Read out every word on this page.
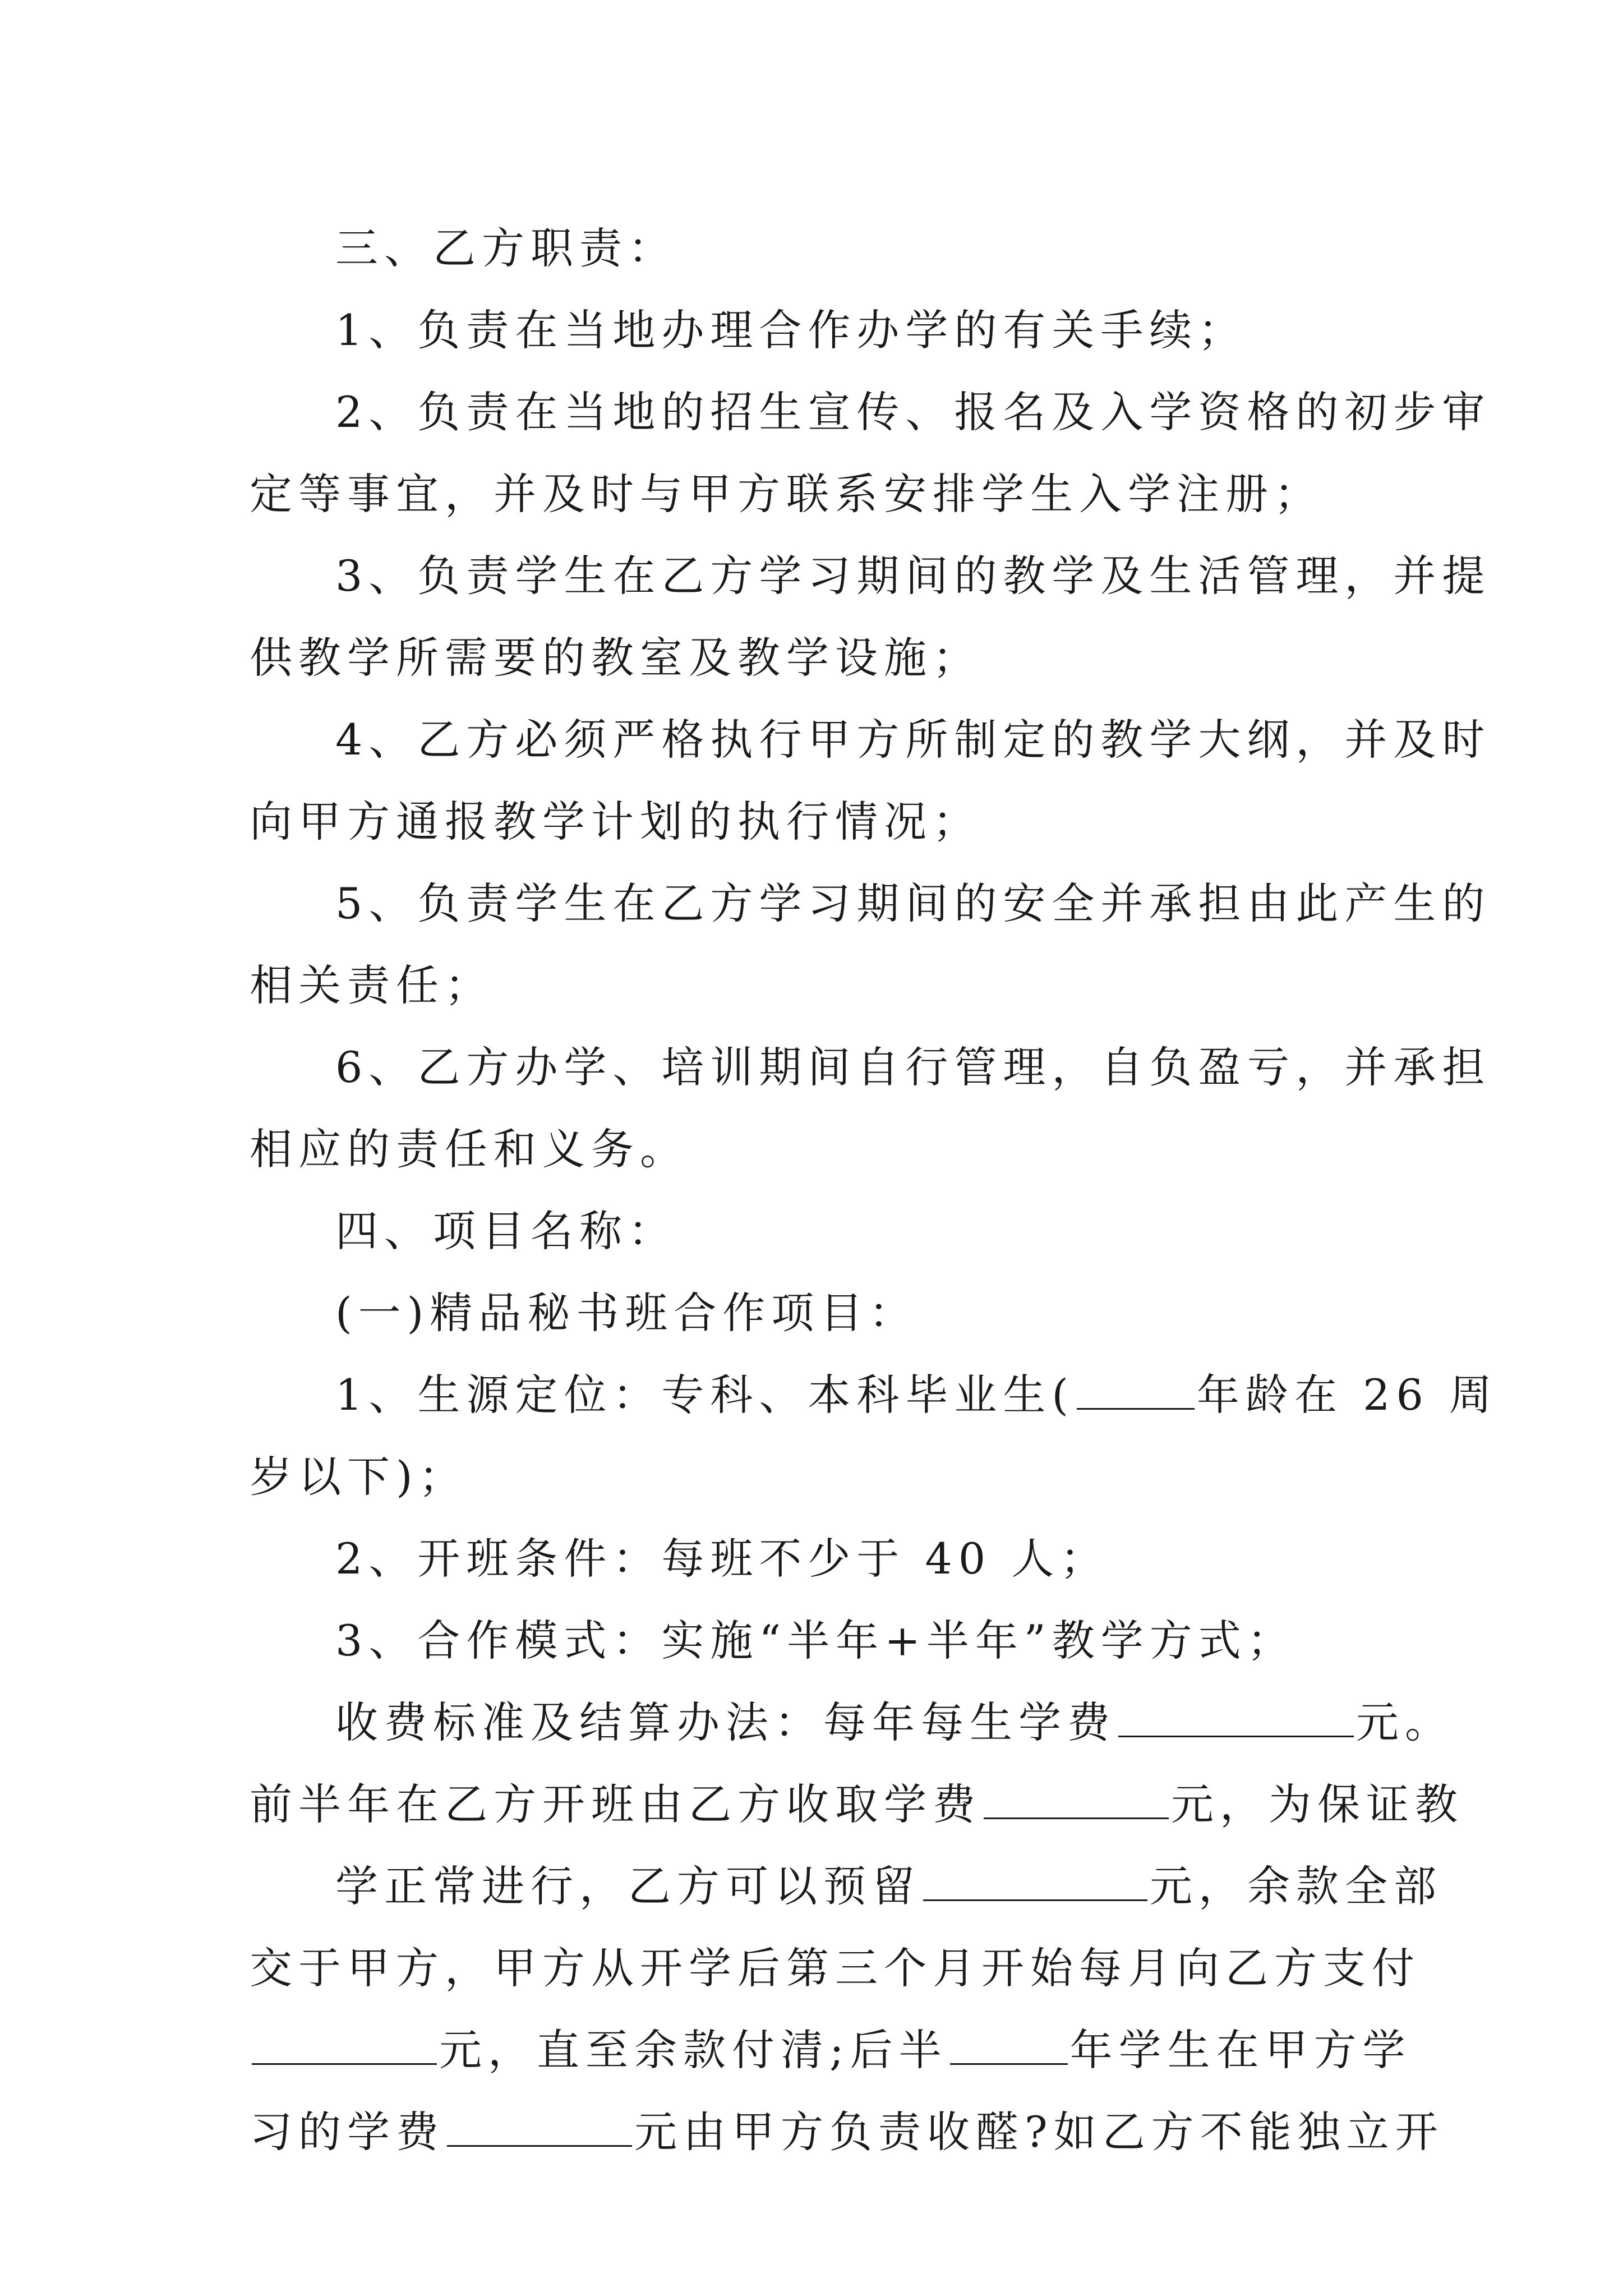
三、乙方职责：

1、负责在当地办理合作办学的有关手续；

2、负责在当地的招生宣传、报名及入学资格的初步审

定等事宜，并及时与甲方联系安排学生入学注册；

3、负责学生在乙方学习期间的教学及生活管理，并提

供教学所需要的教室及教学设施；

4、乙方必须严格执行甲方所制定的教学大纲，并及时

向甲方通报教学计划的执行情况；

5、负责学生在乙方学习期间的安全并承担由此产生的

相关责任；

6、乙方办学、培训期间自行管理，自负盈亏，并承担

相应的责任和义务。

四、项目名称：

(一)精品秘书班合作项目：

1、生源定位：专科、本科毕业生(	年龄在 26 周

岁以下)；

2、开班条件：每班不少于 40 人；

3、合作模式：实施“半年+半年”教学方式；

收费标准及结算办法：每年每生学费	元。

前半年在乙方开班由乙方收取学费	元，为保证教

学正常进行，乙方可以预留	元，余款全部

交于甲方，甲方从开学后第三个月开始每月向乙方支付

元，直至余款付清;后半	年学生在甲方学

习的学费	元由甲方负责收醛?如乙方不能独立开
